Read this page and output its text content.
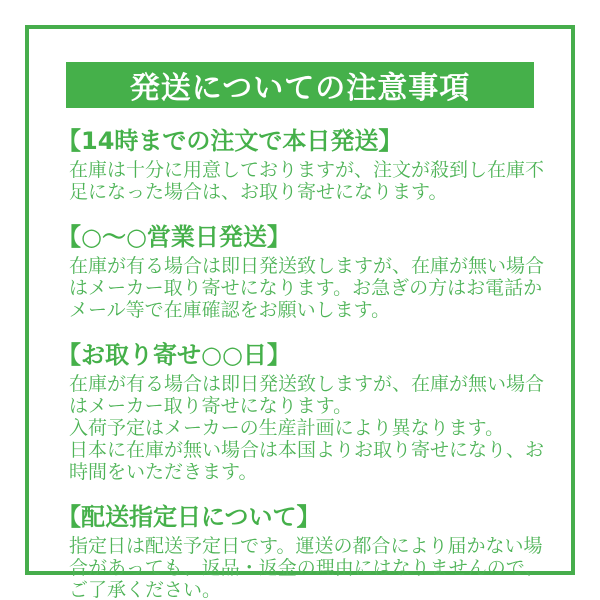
発送についての注意事項
【14時までの注文で本日発送】

在庫は十分に用意しておりますが、注文が殺到し在庫不足になった場合は、お取り寄せになります。

【○～○営業日発送】

在庫が有る場合は即日発送致しますが、在庫が無い場合はメーカー取り寄せになります。お急ぎの方はお電話かメール等で在庫確認をお願いします。

【お取り寄せ○○日】

在庫が有る場合は即日発送致しますが、在庫が無い場合はメーカー取り寄せになります。

入荷予定はメーカーの生産計画により異なります。

日本に在庫が無い場合は本国よりお取り寄せになり、お時間をいただきます。

【配送指定日について】

指定日は配送予定日です。運送の都合により届かない場合があっても、返品・返金の理由にはなりませんので、ご了承ください。
